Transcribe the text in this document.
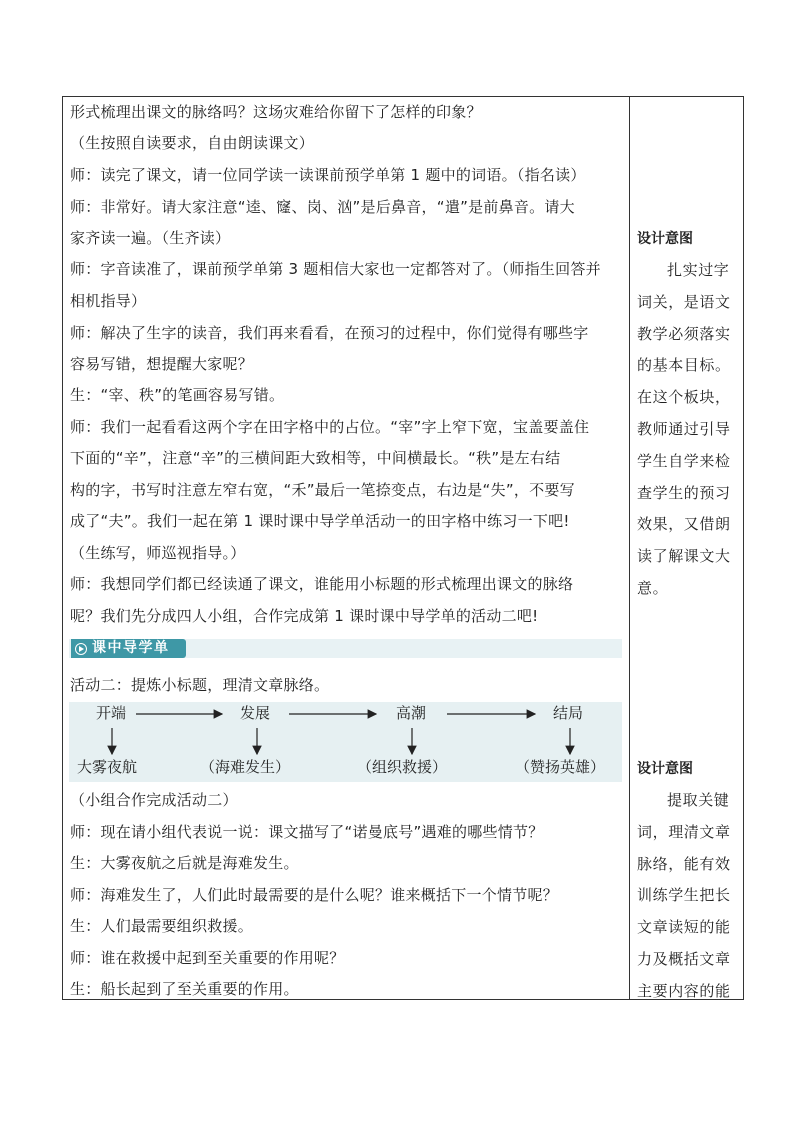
形式梳理出课文的脉络吗？这场灾难给你留下了怎样的印象？
（生按照自读要求，自由朗读课文）
师：读完了课文，请一位同学读一读课前预学单第 1 题中的词语。（指名读）
师：非常好。请大家注意“逵、窿、岗、汹”是后鼻音，“遣”是前鼻音。请大
家齐读一遍。（生齐读）
师：字音读准了，课前预学单第 3 题相信大家也一定都答对了。（师指生回答并
相机指导）
师：解决了生字的读音，我们再来看看，在预习的过程中，你们觉得有哪些字
容易写错，想提醒大家呢？
生：“宰、秩”的笔画容易写错。
师：我们一起看看这两个字在田字格中的占位。“宰”字上窄下宽，宝盖要盖住
下面的“辛”，注意“辛”的三横间距大致相等，中间横最长。“秩”是左右结
构的字，书写时注意左窄右宽，“禾”最后一笔捺变点，右边是“失”，不要写
成了“夫”。我们一起在第 1 课时课中导学单活动一的田字格中练习一下吧!
（生练写，师巡视指导。）
师：我想同学们都已经读通了课文，谁能用小标题的形式梳理出课文的脉络
呢？我们先分成四人小组，合作完成第 1 课时课中导学单的活动二吧!
课中导学单
活动二：提炼小标题，理清文章脉络。
开端	发展	高潮	结局
大雾夜航	（海难发生）	（组织救援）	（赞扬英雄）
（小组合作完成活动二）
师：现在请小组代表说一说：课文描写了“诺曼底号”遇难的哪些情节？
生：大雾夜航之后就是海难发生。
师：海难发生了，人们此时最需要的是什么呢？谁来概括下一个情节呢？
生：人们最需要组织救援。
师：谁在救援中起到至关重要的作用呢？
生：船长起到了至关重要的作用。
设计意图
扎实过字词关，是语文教学必须落实的基本目标。在这个板块，教师通过引导学生自学来检查学生的预习效果，又借朗读了解课文大意。
设计意图
提取关键词，理清文章脉络，能有效训练学生把长文章读短的能力及概括文章主要内容的能
